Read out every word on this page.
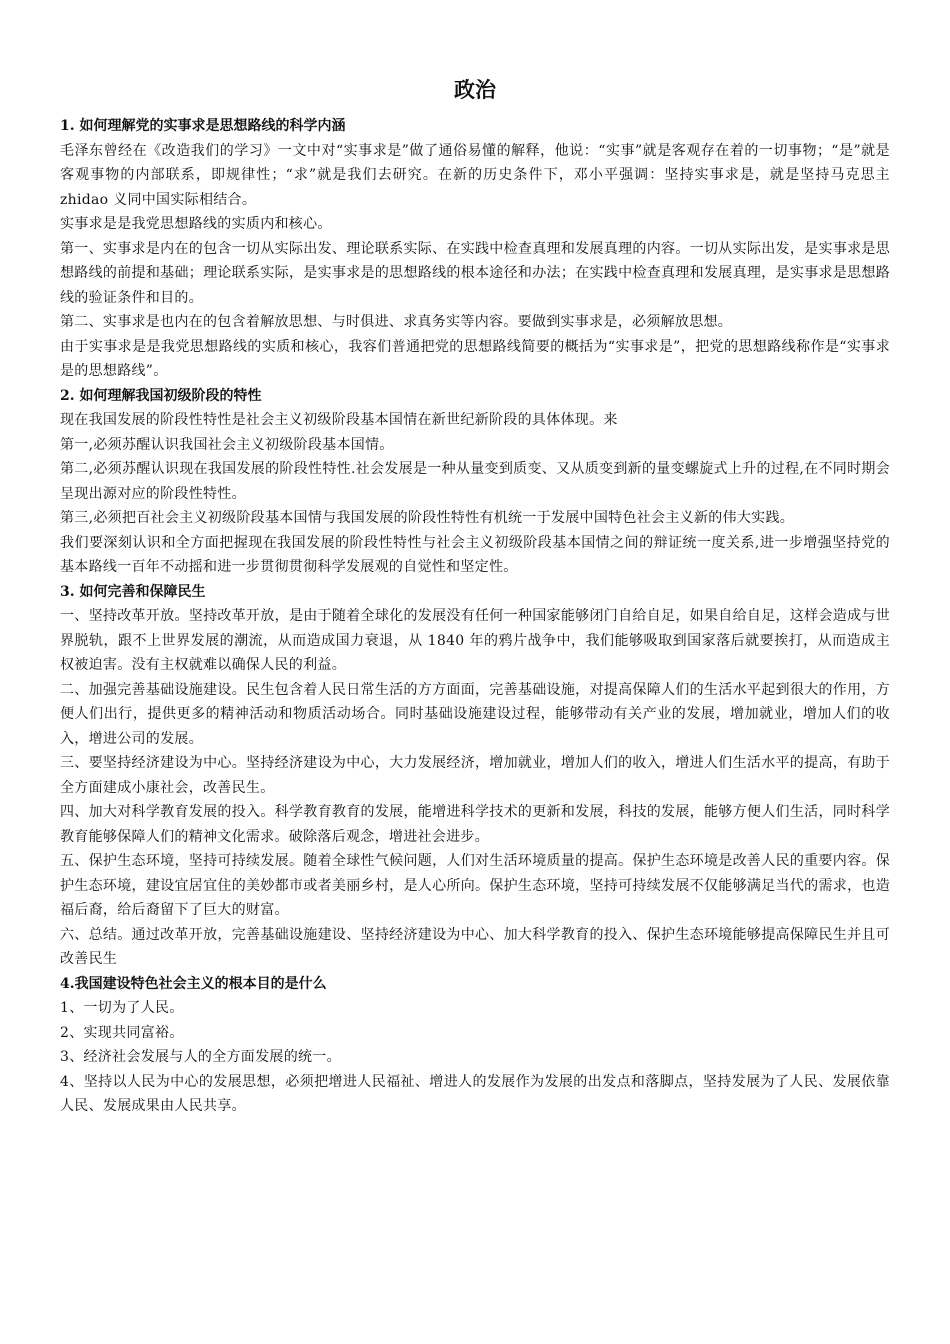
政治

1. 如何理解党的实事求是思想路线的科学内涵

毛泽东曾经在《改造我们的学习》一文中对“实事求是”做了通俗易懂的解释，他说：“实事”就是客观存在着的一切事物；“是”就是客观事物的内部联系，即规律性；“求”就是我们去研究。在新的历史条件下，邓小平强调：坚持实事求是，就是坚持马克思主 zhidao 义同中国实际相结合。

实事求是是我党思想路线的实质内和核心。

第一、实事求是内在的包含一切从实际出发、理论联系实际、在实践中检查真理和发展真理的内容。一切从实际出发，是实事求是思想路线的前提和基础；理论联系实际，是实事求是的思想路线的根本途径和办法；在实践中检查真理和发展真理，是实事求是思想路线的验证条件和目的。

第二、实事求是也内在的包含着解放思想、与时俱进、求真务实等内容。要做到实事求是，必须解放思想。

由于实事求是是我党思想路线的实质和核心，我容们普通把党的思想路线简要的概括为“实事求是”，把党的思想路线称作是“实事求是的思想路线”。

2. 如何理解我国初级阶段的特性

现在我国发展的阶段性特性是社会主义初级阶段基本国情在新世纪新阶段的具体体现。来

第一,必须苏醒认识我国社会主义初级阶段基本国情。

第二,必须苏醒认识现在我国发展的阶段性特性.社会发展是一种从量变到质变、又从质变到新的量变螺旋式上升的过程,在不同时期会呈现出源对应的阶段性特性。

第三,必须把百社会主义初级阶段基本国情与我国发展的阶段性特性有机统一于发展中国特色社会主义新的伟大实践。

我们要深刻认识和全方面把握现在我国发展的阶段性特性与社会主义初级阶段基本国情之间的辩证统一度关系,进一步增强坚持党的基本路线一百年不动摇和进一步贯彻贯彻科学发展观的自觉性和坚定性。

3. 如何完善和保障民生

一、坚持改革开放。坚持改革开放，是由于随着全球化的发展没有任何一种国家能够闭门自给自足，如果自给自足，这样会造成与世界脱轨，跟不上世界发展的潮流，从而造成国力衰退，从 1840 年的鸦片战争中，我们能够吸取到国家落后就要挨打，从而造成主权被迫害。没有主权就难以确保人民的利益。

二、加强完善基础设施建设。民生包含着人民日常生活的方方面面，完善基础设施，对提高保障人们的生活水平起到很大的作用，方便人们出行，提供更多的精神活动和物质活动场合。同时基础设施建设过程，能够带动有关产业的发展，增加就业，增加人们的收入，增进公司的发展。

三、要坚持经济建设为中心。坚持经济建设为中心，大力发展经济，增加就业，增加人们的收入，增进人们生活水平的提高，有助于全方面建成小康社会，改善民生。

四、加大对科学教育发展的投入。科学教育教育的发展，能增进科学技术的更新和发展，科技的发展，能够方便人们生活，同时科学教育能够保障人们的精神文化需求。破除落后观念，增进社会进步。

五、保护生态环境，坚持可持续发展。随着全球性气候问题，人们对生活环境质量的提高。保护生态环境是改善人民的重要内容。保护生态环境，建设宜居宜住的美妙都市或者美丽乡村，是人心所向。保护生态环境，坚持可持续发展不仅能够满足当代的需求，也造福后裔，给后裔留下了巨大的财富。

六、总结。通过改革开放，完善基础设施建设、坚持经济建设为中心、加大科学教育的投入、保护生态环境能够提高保障民生并且可改善民生

4.我国建设特色社会主义的根本目的是什么

1、一切为了人民。

2、实现共同富裕。

3、经济社会发展与人的全方面发展的统一。

4、坚持以人民为中心的发展思想，必须把增进人民福祉、增进人的发展作为发展的出发点和落脚点，坚持发展为了人民、发展依靠人民、发展成果由人民共享。
